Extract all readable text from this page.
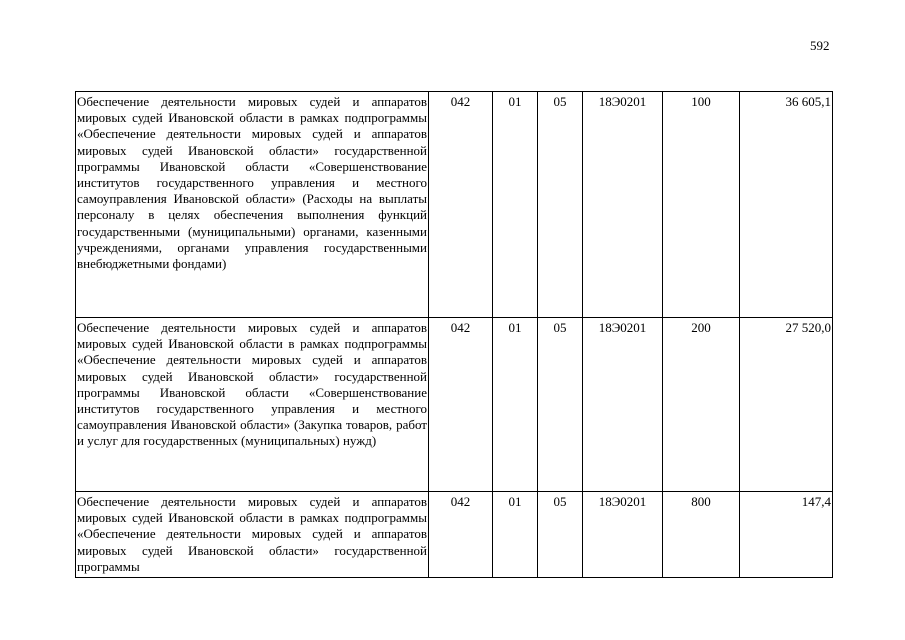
592
Обеспечение деятельности мировых судей и аппаратов мировых судей Ивановской области в рамках подпрограммы «Обеспечение деятельности мировых судей и аппаратов мировых судей Ивановской области» государственной программы Ивановской области «Совершенствование институтов государственного управления и местного самоуправления Ивановской области» (Расходы на выплаты персоналу в целях обеспечения выполнения функций государственными (муниципальными) органами, казенными учреждениями, органами управления государственными внебюджетными фондами)	042	01	05	18Э0201	100	36 605,1
Обеспечение деятельности мировых судей и аппаратов мировых судей Ивановской области в рамках подпрограммы «Обеспечение деятельности мировых судей и аппаратов мировых судей Ивановской области» государственной программы Ивановской области «Совершенствование институтов государственного управления и местного самоуправления Ивановской области» (Закупка товаров, работ и услуг для государственных (муниципальных) нужд)	042	01	05	18Э0201	200	27 520,0
Обеспечение деятельности мировых судей и аппаратов мировых судей Ивановской области в рамках подпрограммы «Обеспечение деятельности мировых судей и аппаратов мировых судей Ивановской области» государственной программы	042	01	05	18Э0201	800	147,4
